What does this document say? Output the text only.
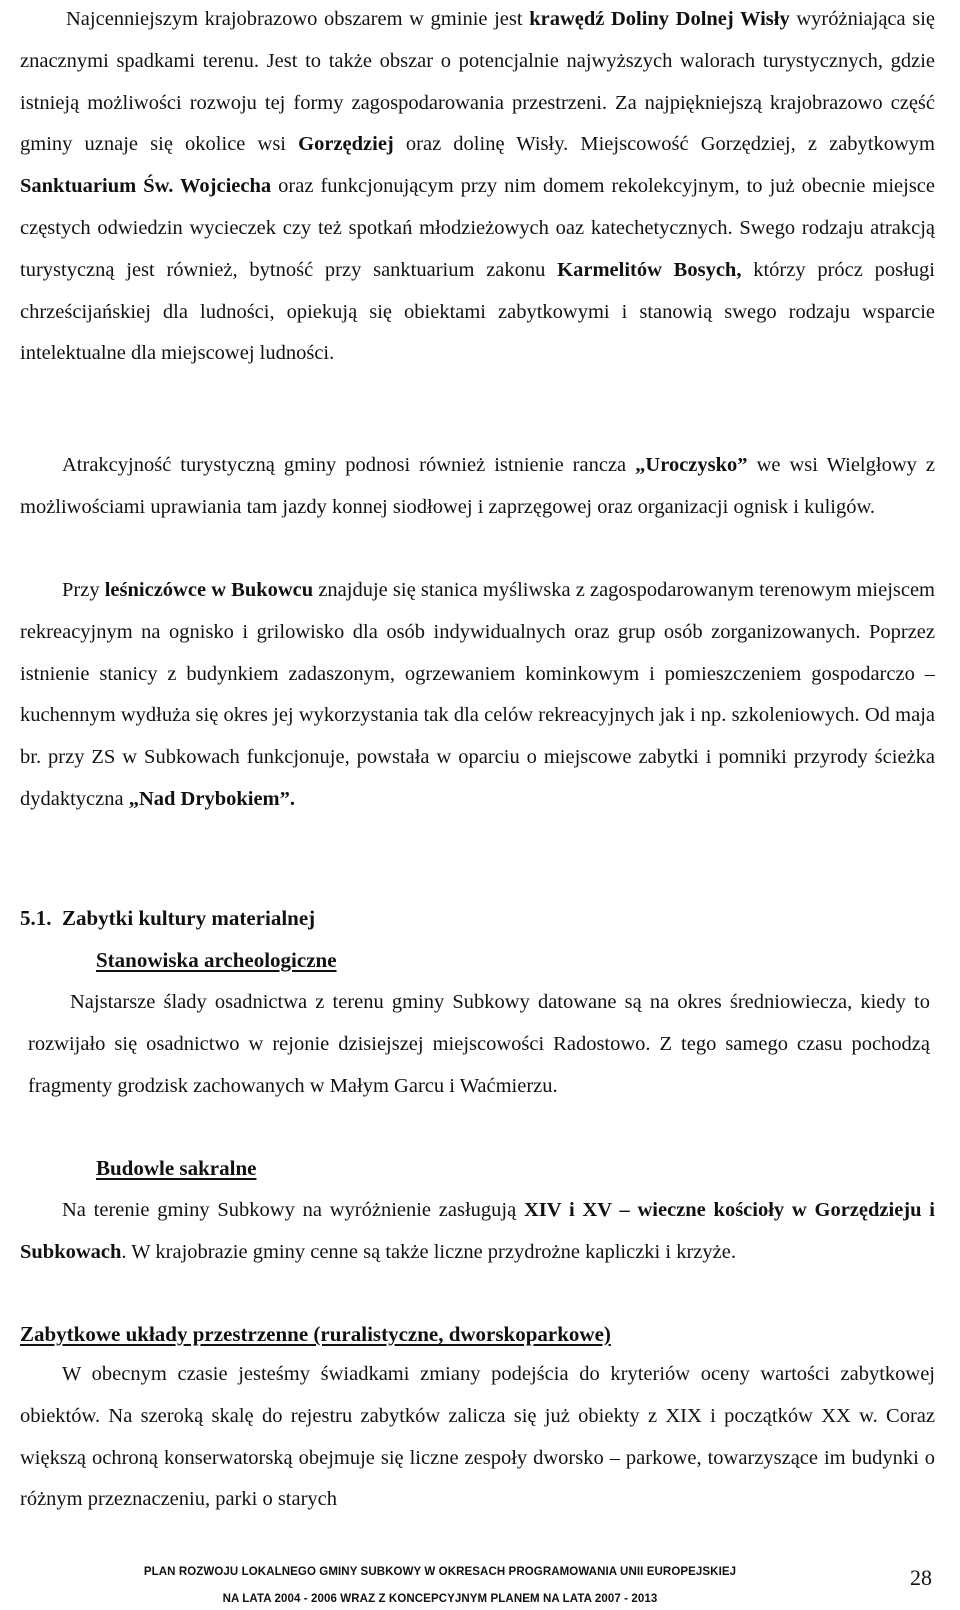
Najcenniejszym krajobrazowo obszarem w gminie jest krawędź Doliny Dolnej Wisły wyróżniająca się znacznymi spadkami terenu. Jest to także obszar o potencjalnie najwyższych walorach turystycznych, gdzie istnieją możliwości rozwoju tej formy zagospodarowania przestrzeni. Za najpiękniejszą krajobrazowo część gminy uznaje się okolice wsi Gorzędziej oraz dolinę Wisły. Miejscowość Gorzędziej, z zabytkowym Sanktuarium Św. Wojciecha oraz funkcjonującym przy nim domem rekolekcyjnym, to już obecnie miejsce częstych odwiedzin wycieczek czy też spotkań młodzieżowych oaz katechetycznych. Swego rodzaju atrakcją turystyczną jest również, bytność przy sanktuarium zakonu Karmelitów Bosych, którzy prócz posługi chrześcijańskiej dla ludności, opiekują się obiektami zabytkowymi i stanowią swego rodzaju wsparcie intelektualne dla miejscowej ludności.

Atrakcyjność turystyczną gminy podnosi również istnienie rancza „Uroczysko” we wsi Wielgłowy z możliwościami uprawiania tam jazdy konnej siodłowej i zaprzęgowej oraz organizacji ognisk i kuligów.

Przy leśniczówce w Bukowcu znajduje się stanica myśliwska z zagospodarowanym terenowym miejscem rekreacyjnym na ognisko i grilowisko dla osób indywidualnych oraz grup osób zorganizowanych. Poprzez istnienie stanicy z budynkiem zadaszonym, ogrzewaniem kominkowym i pomieszczeniem gospodarczo – kuchennym wydłuża się okres jej wykorzystania tak dla celów rekreacyjnych jak i np. szkoleniowych. Od maja br. przy ZS w Subkowach funkcjonuje, powstała w oparciu o miejscowe zabytki i pomniki przyrody ścieżka dydaktyczna „Nad Drybokiem”.

5.1. Zabytki kultury materialnej

Stanowiska archeologiczne

Najstarsze ślady osadnictwa z terenu gminy Subkowy datowane są na okres średniowiecza, kiedy to rozwijało się osadnictwo w rejonie dzisiejszej miejscowości Radostowo. Z tego samego czasu pochodzą fragmenty grodzisk zachowanych w Małym Garcu i Waćmierzu.

Budowle sakralne

Na terenie gminy Subkowy na wyróżnienie zasługują XIV i XV – wieczne kościoły w Gorzędzieju i Subkowach. W krajobrazie gminy cenne są także liczne przydrożne kapliczki i krzyże.

Zabytkowe układy przestrzenne (ruralistyczne, dworskoparkowe)

W obecnym czasie jesteśmy świadkami zmiany podejścia do kryteriów oceny wartości zabytkowej obiektów. Na szeroką skalę do rejestru zabytków zalicza się już obiekty z XIX i początków XX w. Coraz większą ochroną konserwatorską obejmuje się liczne zespoły dworsko – parkowe, towarzyszące im budynki o różnym przeznaczeniu, parki o starych

PLAN ROZWOJU LOKALNEGO GMINY SUBKOWY W OKRESACH PROGRAMOWANIA UNII EUROPEJSKIEJ

NA LATA 2004 - 2006 WRAZ Z KONCEPCYJNYM PLANEM NA LATA 2007 - 2013

28
